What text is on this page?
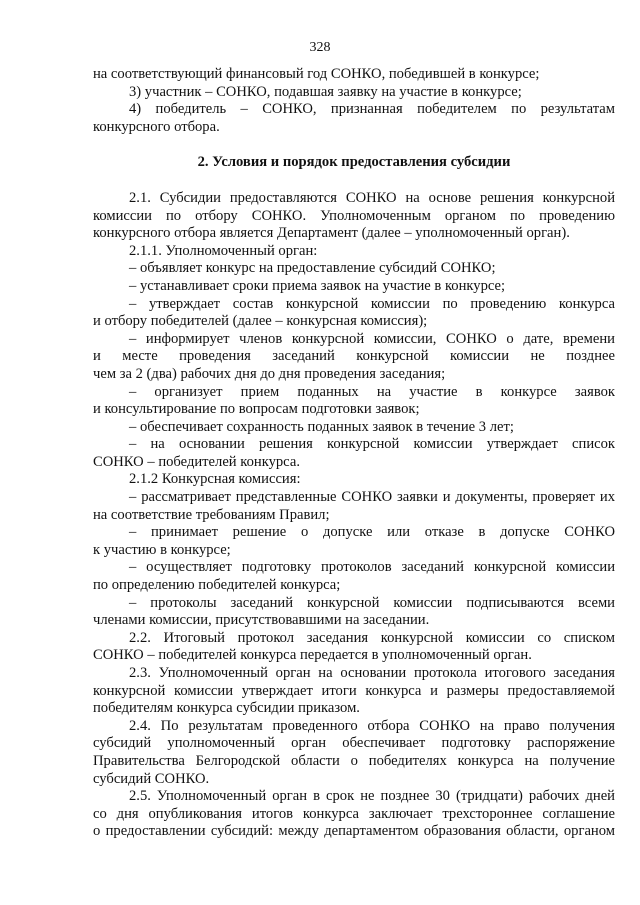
328
на соответствующий финансовый год СОНКО, победившей в конкурсе;
3) участник – СОНКО, подавшая заявку на участие в конкурсе;
4) победитель – СОНКО, признанная победителем по результатам
конкурсного отбора.
2. Условия и порядок предоставления субсидии
2.1. Субсидии предоставляются СОНКО на основе решения конкурсной
комиссии по отбору СОНКО. Уполномоченным органом по проведению
конкурсного отбора является Департамент (далее – уполномоченный орган).
2.1.1. Уполномоченный орган:
– объявляет конкурс на предоставление субсидий СОНКО;
– устанавливает сроки приема заявок на участие в конкурсе;
– утверждает состав конкурсной комиссии по проведению конкурса
и отбору победителей (далее – конкурсная комиссия);
– информирует членов конкурсной комиссии, СОНКО о дате, времени
и месте проведения заседаний конкурсной комиссии не позднее
чем за 2 (два) рабочих дня до дня проведения заседания;
– организует прием поданных на участие в конкурсе заявок
и консультирование по вопросам подготовки заявок;
– обеспечивает сохранность поданных заявок в течение 3 лет;
– на основании решения конкурсной комиссии утверждает список
СОНКО – победителей конкурса.
2.1.2 Конкурсная комиссия:
– рассматривает представленные СОНКО заявки и документы, проверяет их
на соответствие требованиям Правил;
– принимает решение о допуске или отказе в допуске СОНКО
к участию в конкурсе;
– осуществляет подготовку протоколов заседаний конкурсной комиссии
по определению победителей конкурса;
– протоколы заседаний конкурсной комиссии подписываются всеми
членами комиссии, присутствовавшими на заседании.
2.2. Итоговый протокол заседания конкурсной комиссии со списком
СОНКО – победителей конкурса передается в уполномоченный орган.
2.3. Уполномоченный орган на основании протокола итогового заседания
конкурсной комиссии утверждает итоги конкурса и размеры предоставляемой
победителям конкурса субсидии приказом.
2.4. По результатам проведенного отбора СОНКО на право получения
субсидий уполномоченный орган обеспечивает подготовку распоряжение
Правительства Белгородской области о победителях конкурса на получение
субсидий СОНКО.
2.5. Уполномоченный орган в срок не позднее 30 (тридцати) рабочих дней
со дня опубликования итогов конкурса заключает трехстороннее соглашение
о предоставлении субсидий: между департаментом образования области, органом
